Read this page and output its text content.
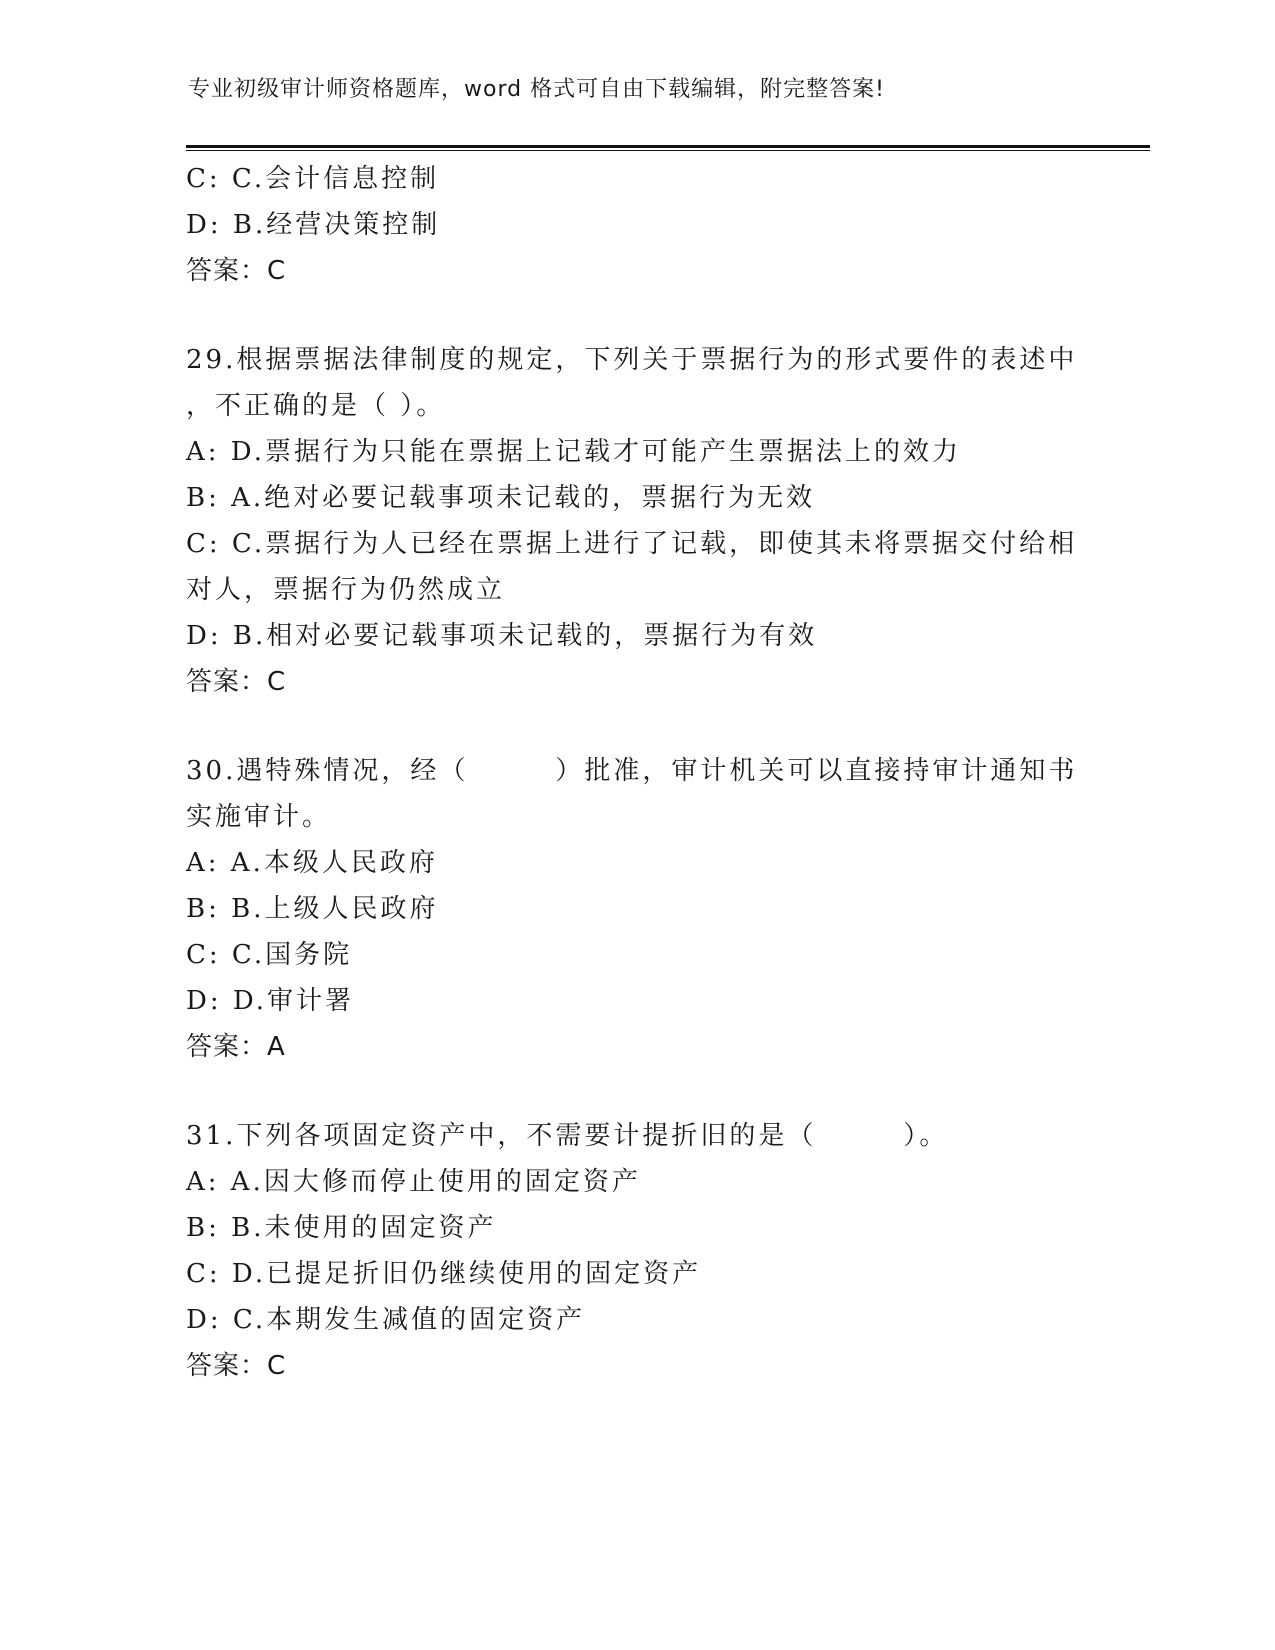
专业初级审计师资格题库，word 格式可自由下载编辑，附完整答案!
C: C.会计信息控制
D: B.经营决策控制
答案：C
29.根据票据法律制度的规定，下列关于票据行为的形式要件的表述中
，不正确的是（ ）。
A: D.票据行为只能在票据上记载才可能产生票据法上的效力
B: A.绝对必要记载事项未记载的，票据行为无效
C: C.票据行为人已经在票据上进行了记载，即使其未将票据交付给相
对人，票据行为仍然成立
D: B.相对必要记载事项未记载的，票据行为有效
答案：C
30.遇特殊情况，经（　　　）批准，审计机关可以直接持审计通知书
实施审计。
A: A.本级人民政府
B: B.上级人民政府
C: C.国务院
D: D.审计署
答案：A
31.下列各项固定资产中，不需要计提折旧的是（　　　）。
A: A.因大修而停止使用的固定资产
B: B.未使用的固定资产
C: D.已提足折旧仍继续使用的固定资产
D: C.本期发生减值的固定资产
答案：C
